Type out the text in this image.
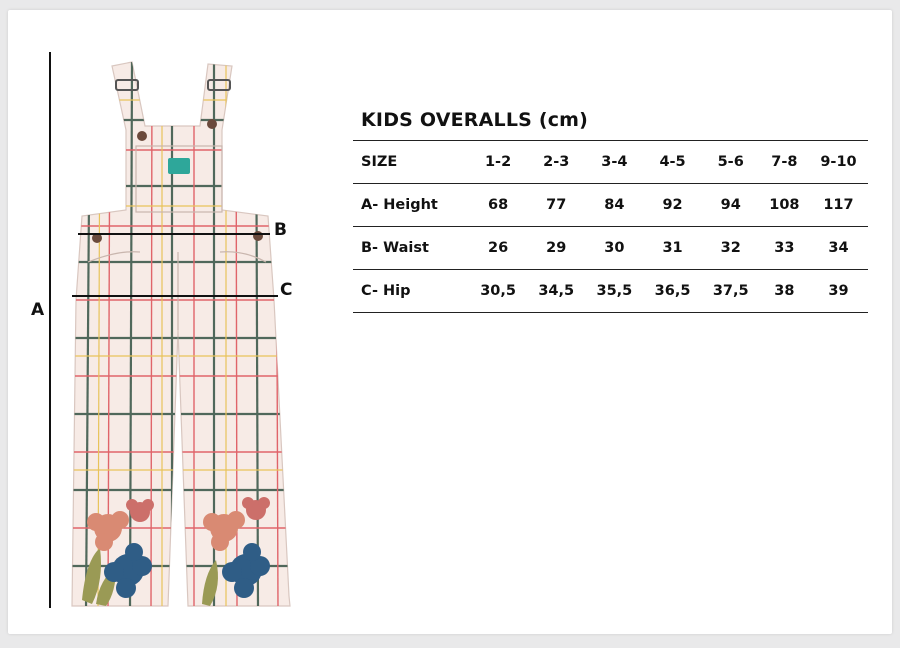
A
B
C
KIDS OVERALLS (cm)
SIZE	1-2	2-3	3-4	4-5	5-6	7-8	9-10
A- Height	68	77	84	92	94	108	117
B- Waist	26	29	30	31	32	33	34
C- Hip	30,5	34,5	35,5	36,5	37,5	38	39
